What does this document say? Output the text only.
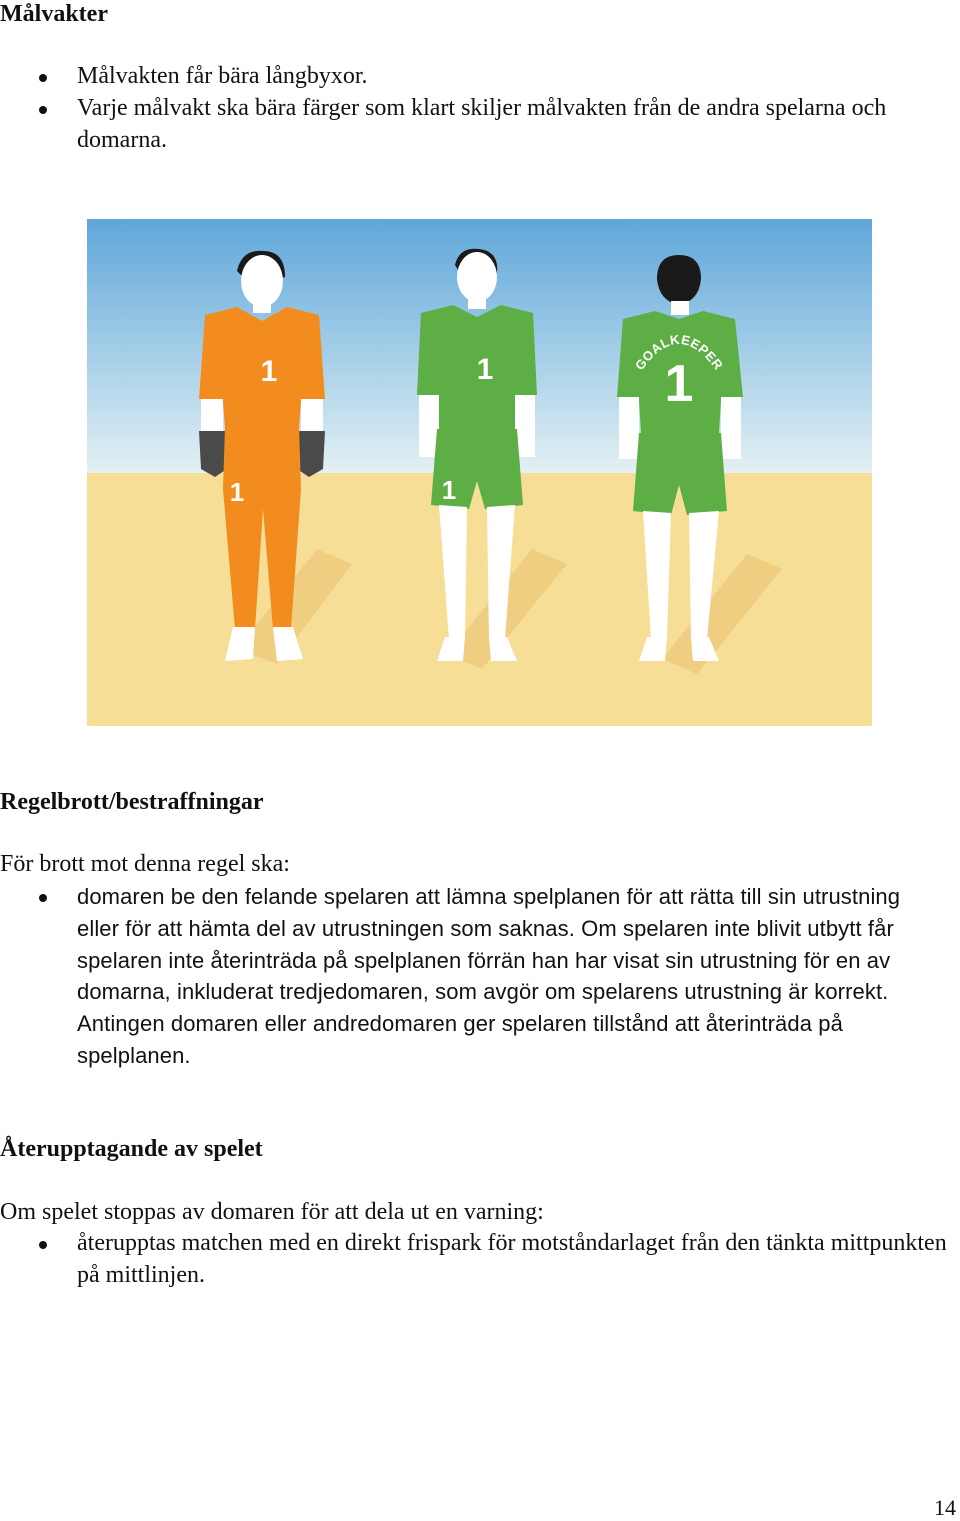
Målvakter
Målvakten får bära långbyxor.
Varje målvakt ska bära färger som klart skiljer målvakten från de andra spelarna och domarna.
1
1
1
1
GOALKEEPER
1
Regelbrott/bestraffningar

För brott mot denna regel ska:

domaren be den felande spelaren att lämna spelplanen för att rätta till sin utrustning eller för att hämta del av utrustningen som saknas. Om spelaren inte blivit utbytt får spelaren inte återinträda på spelplanen förrän han har visat sin utrustning för en av domarna, inkluderat tredjedomaren, som avgör om spelarens utrustning är korrekt. Antingen domaren eller andredomaren ger spelaren tillstånd att återinträda på spelplanen.
Återupptagande av spelet

Om spelet stoppas av domaren för att dela ut en varning:

återupptas matchen med en direkt frispark för motståndarlaget från den tänkta mittpunkten på mittlinjen.

14
